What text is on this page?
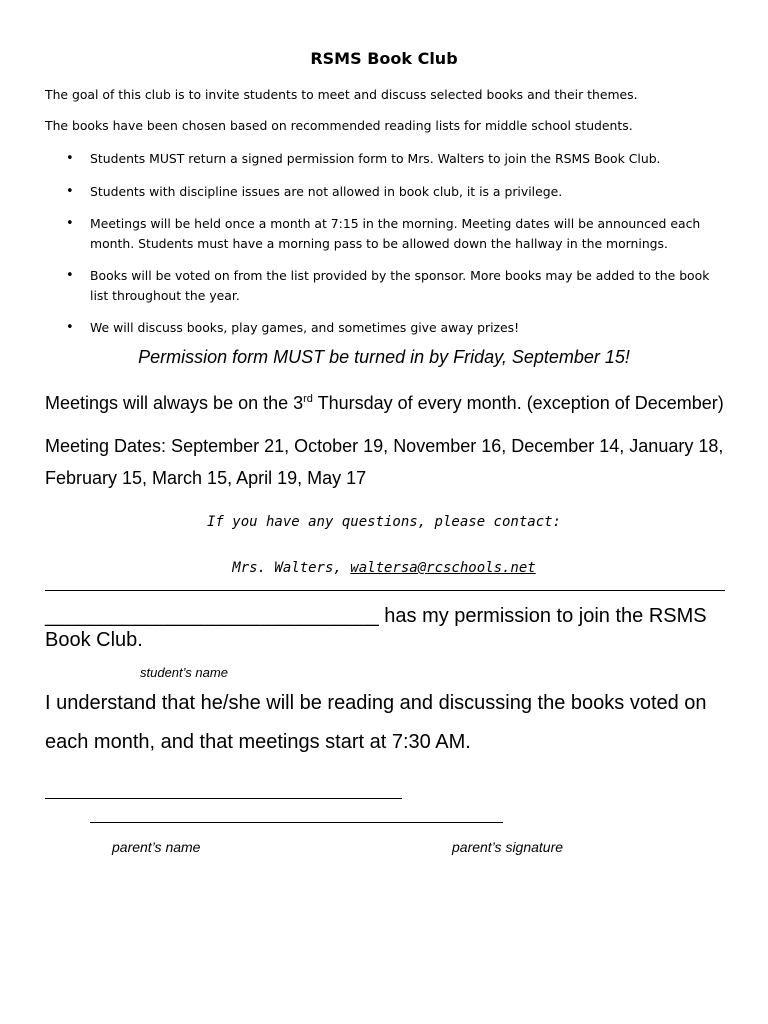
RSMS Book Club
The goal of this club is to invite students to meet and discuss selected books and their themes.
The books have been chosen based on recommended reading lists for middle school students.
• Students MUST return a signed permission form to Mrs. Walters to join the RSMS Book Club.
• Students with discipline issues are not allowed in book club, it is a privilege.
• Meetings will be held once a month at 7:15 in the morning. Meeting dates will be announced each
month. Students must have a morning pass to be allowed down the hallway in the mornings.
• Books will be voted on from the list provided by the sponsor. More books may be added to the book
list throughout the year.
• We will discuss books, play games, and sometimes give away prizes!
Permission form MUST be turned in by Friday, September 15!
Meetings will always be on the 3rd Thursday of every month. (exception of December)
Meeting Dates: September 21, October 19, November 16, December 14, January 18,
February 15, March 15, April 19, May 17
If you have any questions, please contact:
Mrs. Walters, waltersa@rcschools.net
______________________________ has my permission to join the RSMS
Book Club.
student’s name
I understand that he/she will be reading and discussing the books voted on
each month, and that meetings start at 7:30 AM.
parent’s name	parent’s signature
